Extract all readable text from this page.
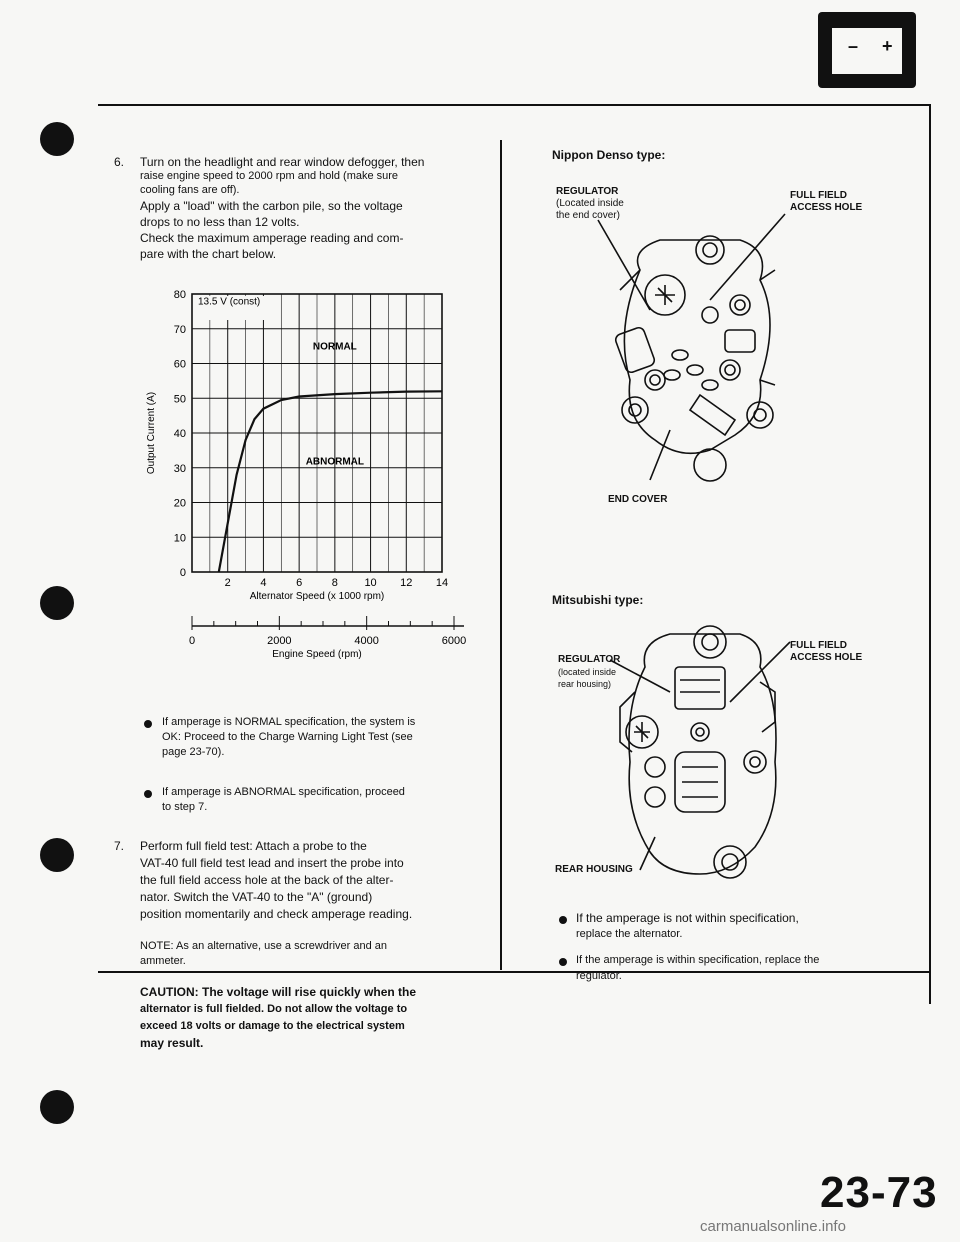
– +
6. Turn on the headlight and rear window defogger, then
raise engine speed to 2000 rpm and hold (make sure
cooling fans are off).
Apply a "load" with the carbon pile, so the voltage
drops to no less than 12 volts.
Check the maximum amperage reading and com-
pare with the chart below.
0
10
20
30
40
50
60
70
80
2	4	6	8 10 12 14
Output Current (A)
Alternator Speed (x 1000 rpm)
13.5 V (const)
NORMAL
ABNORMAL
0	2000	4000	6000
Engine Speed (rpm)
If amperage is NORMAL specification, the system is
OK: Proceed to the Charge Warning Light Test (see
page 23-70).
If amperage is ABNORMAL specification, proceed
to step 7.
7. Perform full field test: Attach a probe to the
VAT-40 full field test lead and insert the probe into
the full field access hole at the back of the alter-
nator. Switch the VAT-40 to the "A" (ground)
position momentarily and check amperage reading.
NOTE: As an alternative, use a screwdriver and an
ammeter.
CAUTION: The voltage will rise quickly when the
alternator is full fielded. Do not allow the voltage to
exceed 18 volts or damage to the electrical system
may result.
Nippon Denso type:
REGULATOR
(Located inside
the end cover)
FULL FIELD
ACCESS HOLE
END COVER
Mitsubishi type:
REGULATOR
(located inside
rear housing)
FULL FIELD
ACCESS HOLE
REAR HOUSING
If the amperage is not within specification,
replace the alternator.
If the amperage is within specification, replace the
regulator.
23-73
carmanualsonline.info
